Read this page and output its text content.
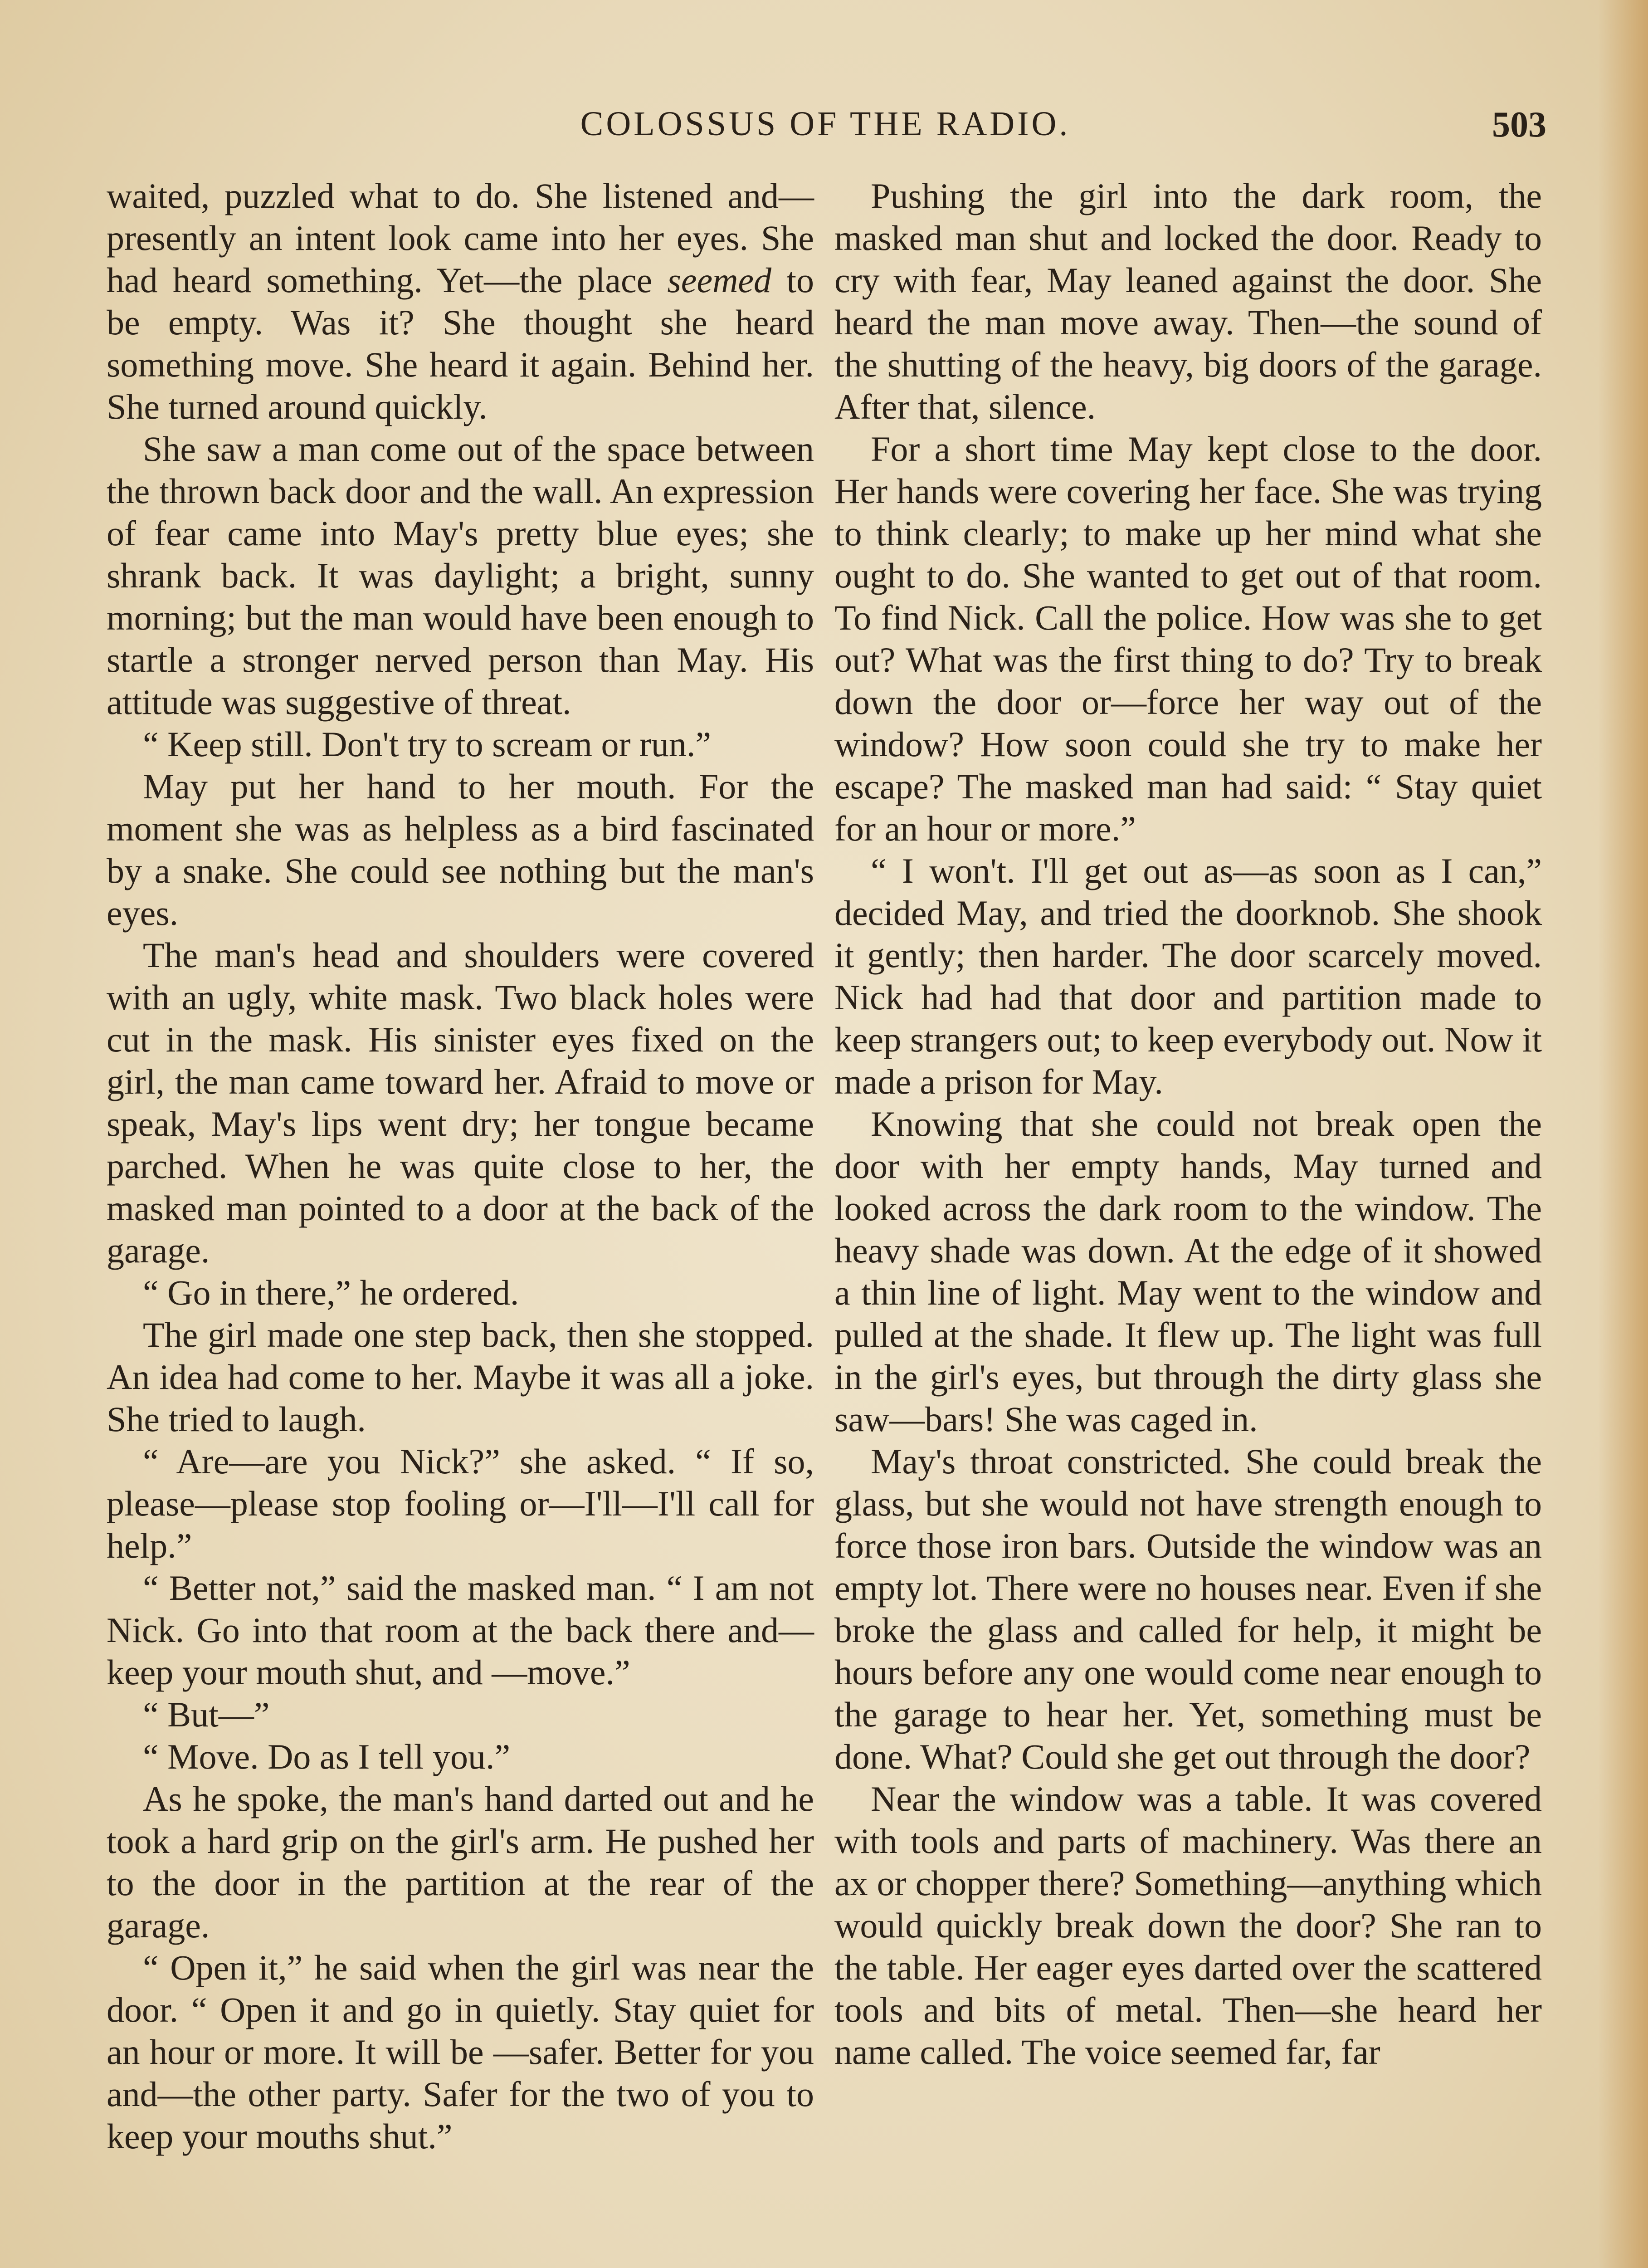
COLOSSUS OF THE RADIO.	503

waited, puzzled what to do. She listened and—presently an intent look came into her eyes. She had heard something. Yet—the place seemed to be empty. Was it? She thought she heard something move. She heard it again. Behind her. She turned around quickly.

She saw a man come out of the space between the thrown back door and the wall. An expression of fear came into May's pretty blue eyes; she shrank back. It was daylight; a bright, sunny morning; but the man would have been enough to startle a stronger nerved person than May. His attitude was suggestive of threat.

“ Keep still. Don't try to scream or run.”

May put her hand to her mouth. For the moment she was as helpless as a bird fascinated by a snake. She could see nothing but the man's eyes.

The man's head and shoulders were covered with an ugly, white mask. Two black holes were cut in the mask. His sinister eyes fixed on the girl, the man came toward her. Afraid to move or speak, May's lips went dry; her tongue became parched. When he was quite close to her, the masked man pointed to a door at the back of the garage.

“ Go in there,” he ordered.

The girl made one step back, then she stopped. An idea had come to her. Maybe it was all a joke. She tried to laugh.

“ Are—are you Nick?” she asked. “ If so, please—please stop fooling or—I'll—I'll call for help.”

“ Better not,” said the masked man. “ I am not Nick. Go into that room at the back there and—keep your mouth shut, and —move.”

“ But—”

“ Move. Do as I tell you.”

As he spoke, the man's hand darted out and he took a hard grip on the girl's arm. He pushed her to the door in the partition at the rear of the garage.

“ Open it,” he said when the girl was near the door. “ Open it and go in quietly. Stay quiet for an hour or more. It will be —safer. Better for you and—the other party. Safer for the two of you to keep your mouths shut.”

Pushing the girl into the dark room, the masked man shut and locked the door. Ready to cry with fear, May leaned against the door. She heard the man move away. Then—the sound of the shutting of the heavy, big doors of the garage. After that, silence.

For a short time May kept close to the door. Her hands were covering her face. She was trying to think clearly; to make up her mind what she ought to do. She wanted to get out of that room. To find Nick. Call the police. How was she to get out? What was the first thing to do? Try to break down the door or—force her way out of the window? How soon could she try to make her escape? The masked man had said: “ Stay quiet for an hour or more.”

“ I won't. I'll get out as—as soon as I can,” decided May, and tried the doorknob. She shook it gently; then harder. The door scarcely moved. Nick had had that door and partition made to keep strangers out; to keep everybody out. Now it made a prison for May.

Knowing that she could not break open the door with her empty hands, May turned and looked across the dark room to the window. The heavy shade was down. At the edge of it showed a thin line of light. May went to the window and pulled at the shade. It flew up. The light was full in the girl's eyes, but through the dirty glass she saw—bars! She was caged in.

May's throat constricted. She could break the glass, but she would not have strength enough to force those iron bars. Outside the window was an empty lot. There were no houses near. Even if she broke the glass and called for help, it might be hours before any one would come near enough to the garage to hear her. Yet, something must be done. What? Could she get out through the door?

Near the window was a table. It was covered with tools and parts of machinery. Was there an ax or chopper there? Something—anything which would quickly break down the door? She ran to the table. Her eager eyes darted over the scattered tools and bits of metal. Then—she heard her name called. The voice seemed far, far
